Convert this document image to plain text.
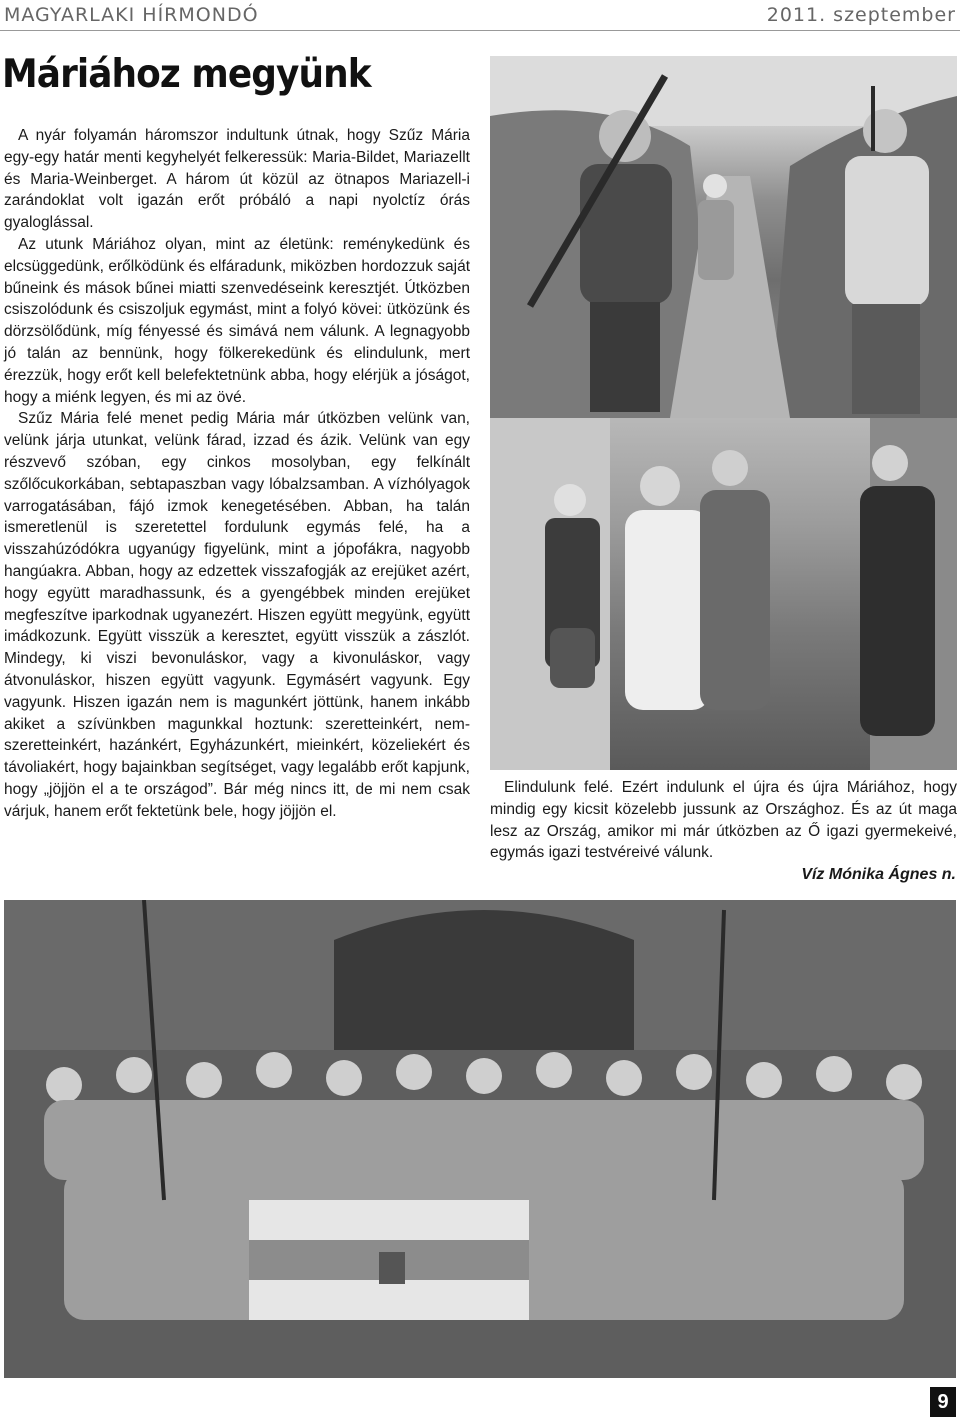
MAGYARLAKI HÍRMONDÓ	2011. szeptember
Máriához megyünk

A nyár folyamán háromszor indultunk útnak, hogy Szűz Mária egy-egy határ menti kegyhelyét felkeressük: Maria-Bildet, Mariazellt és Maria-Weinberget. A három út közül az ötnapos Mariazell-i zarándoklat volt igazán erőt próbáló a napi nyolctíz órás gyaloglással.

Az utunk Máriához olyan, mint az életünk: reménykedünk és elcsüggedünk, erőlködünk és elfáradunk, miközben hordozzuk saját bűneink és mások bűnei miatti szenvedéseink keresztjét. Útközben csiszolódunk és csiszoljuk egymást, mint a folyó kövei: ütközünk és dörzsölődünk, míg fényessé és simává nem válunk. A legnagyobb jó talán az bennünk, hogy fölkerekedünk és elindulunk, mert érezzük, hogy erőt kell belefektetnünk abba, hogy elérjük a jóságot, hogy a miénk legyen, és mi az övé.

Szűz Mária felé menet pedig Mária már útközben velünk van, velünk járja utunkat, velünk fárad, izzad és ázik. Velünk van egy részvevő szóban, egy cinkos mosolyban, egy felkínált szőlőcukorkában, sebtapaszban vagy lóbalzsamban. A vízhólyagok varrogatásában, fájó izmok kenegetésében. Abban, ha talán ismeretlenül is szeretettel fordulunk egymás felé, ha a visszahúzódókra ugyanúgy figyelünk, mint a jópofákra, nagyobb hangúakra. Abban, hogy az edzettek visszafogják az erejüket azért, hogy együtt maradhassunk, és a gyengébbek minden erejüket megfeszítve iparkodnak ugyanezért. Hiszen együtt megyünk, együtt imádkozunk. Együtt visszük a keresztet, együtt visszük a zászlót. Mindegy, ki viszi bevonuláskor, vagy a kivonuláskor, vagy átvonuláskor, hiszen együtt vagyunk. Egymásért vagyunk. Egy vagyunk. Hiszen igazán nem is magunkért jöttünk, hanem inkább akiket a szívünkben magunkkal hoztunk: szeretteinkért, nem-szeretteinkért, hazánkért, Egyházunkért, mieinkért, közeliekért és távoliakért, hogy bajainkban segítséget, vagy legalább erőt kapjunk, hogy „jöjjön el a te országod”. Bár még nincs itt, de mi nem csak várjuk, hanem erőt fektetünk bele, hogy jöjjön el.

Elindulunk felé. Ezért indulunk el újra és újra Máriához, hogy mindig egy kicsit közelebb jussunk az Országhoz. És az út maga lesz az Ország, amikor mi már útközben az Ő igazi gyermekeivé, egymás igazi testvéreivé válunk.

Víz Mónika Ágnes n.
9
